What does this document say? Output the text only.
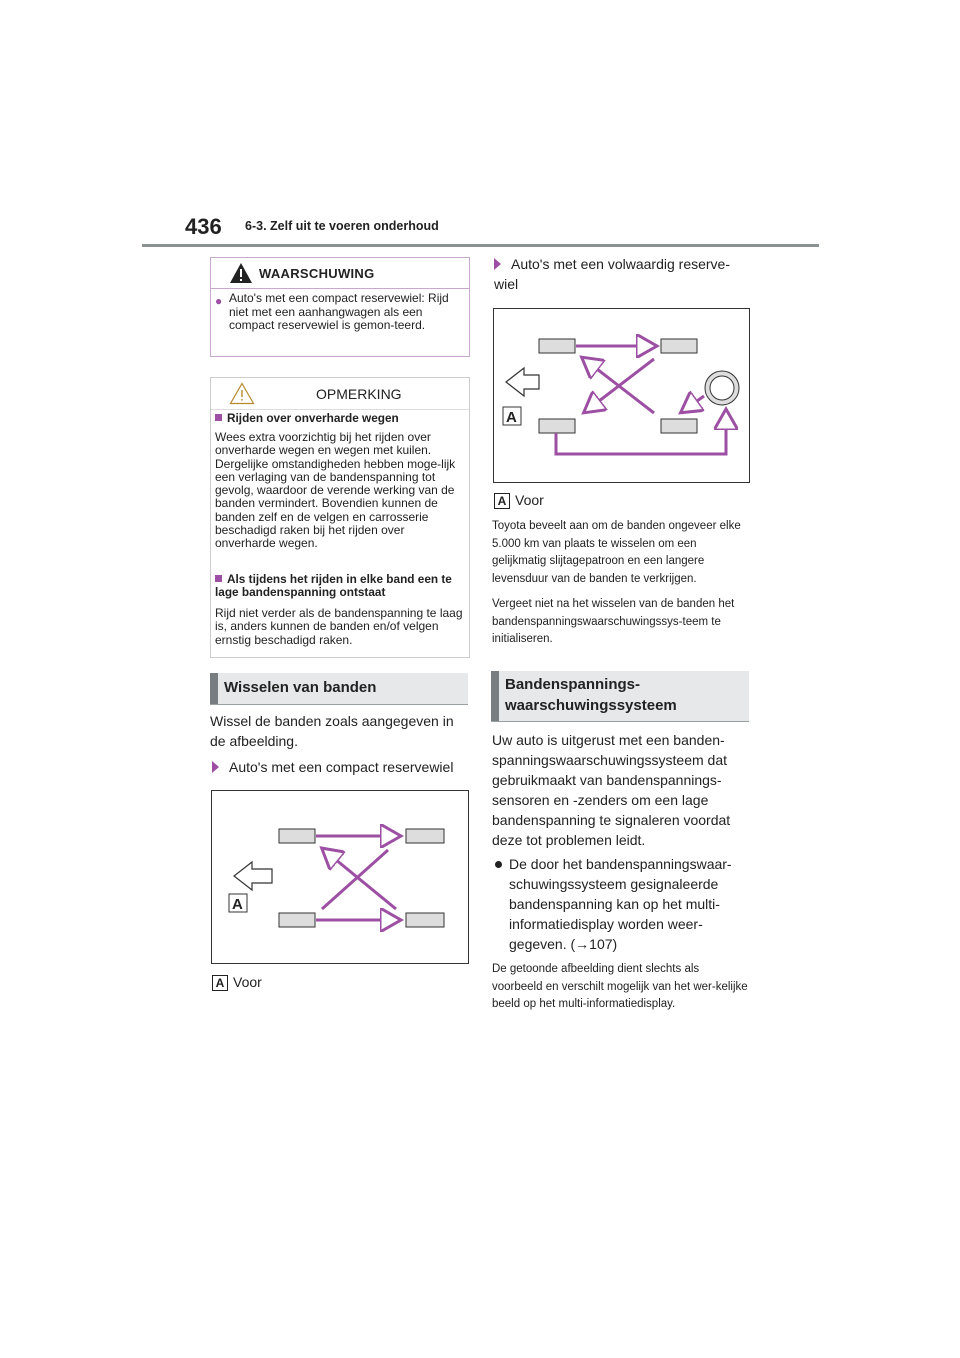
436 6-3. Zelf uit te voeren onderhoud
WAARSCHUWING
● Auto's met een compact reservewiel: Rijd niet met een aanhangwagen als een compact reservewiel is gemon-teerd.
OPMERKING
Rijden over onverharde wegen
Wees extra voorzichtig bij het rijden over onverharde wegen en wegen met kuilen. Dergelijke omstandigheden hebben moge-lijk een verlaging van de bandenspanning tot gevolg, waardoor de verende werking van de banden vermindert. Bovendien kunnen de banden zelf en de velgen en carrosserie beschadigd raken bij het rijden over onverharde wegen.
Als tijdens het rijden in elke band een te lage bandenspanning ontstaat
Rijd niet verder als de bandenspanning te laag is, anders kunnen de banden en/of velgen ernstig beschadigd raken.
Wisselen van banden
Wissel de banden zoals aangegeven in de afbeelding.
Auto's met een compact reservewiel
A
A Voor
Auto's met een volwaardig reserve-wiel
A
A Voor
Toyota beveelt aan om de banden ongeveer elke 5.000 km van plaats te wisselen om een gelijkmatig slijtagepatroon en een langere levensduur van de banden te verkrijgen.
Vergeet niet na het wisselen van de banden het bandenspanningswaarschuwingssys-teem te initialiseren.
Bandenspannings-
waarschuwingssysteem
Uw auto is uitgerust met een banden-spanningswaarschuwingssysteem dat gebruikmaakt van bandenspannings-sensoren en -zenders om een lage bandenspanning te signaleren voordat deze tot problemen leidt.
De door het bandenspanningswaar-schuwingssysteem gesignaleerde bandenspanning kan op het multi-informatiedisplay worden weer-gegeven. (→107)
De getoonde afbeelding dient slechts als voorbeeld en verschilt mogelijk van het wer-kelijke beeld op het multi-informatiedisplay.
